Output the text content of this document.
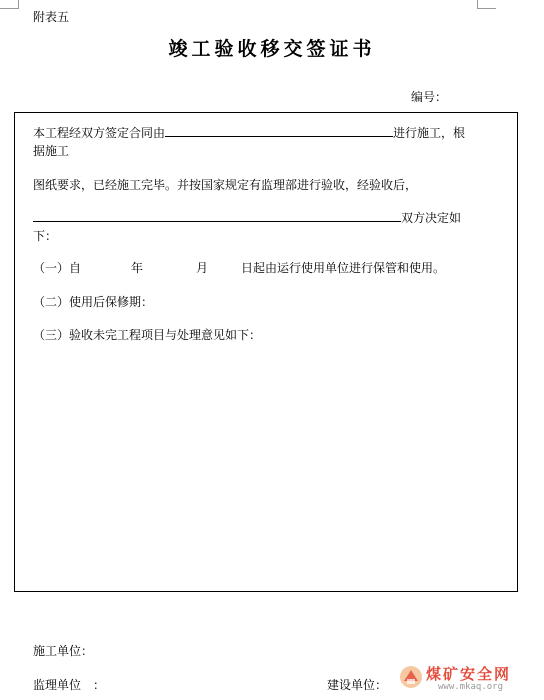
附表五
竣工验收移交签证书
编号：
本工程经双方签定合同由	进行施工，根
据施工
图纸要求，已经施工完毕。并按国家规定有监理部进行验收，经验收后，
双方决定如
下：
（一）自	年	月	日起由运行使用单位进行保管和使用。
（二）使用后保修期：
（三）验收未完工程项目与处理意见如下：
施工单位：
监理单位　：	建设单位：
煤矿安全网
www.mkaq.org
